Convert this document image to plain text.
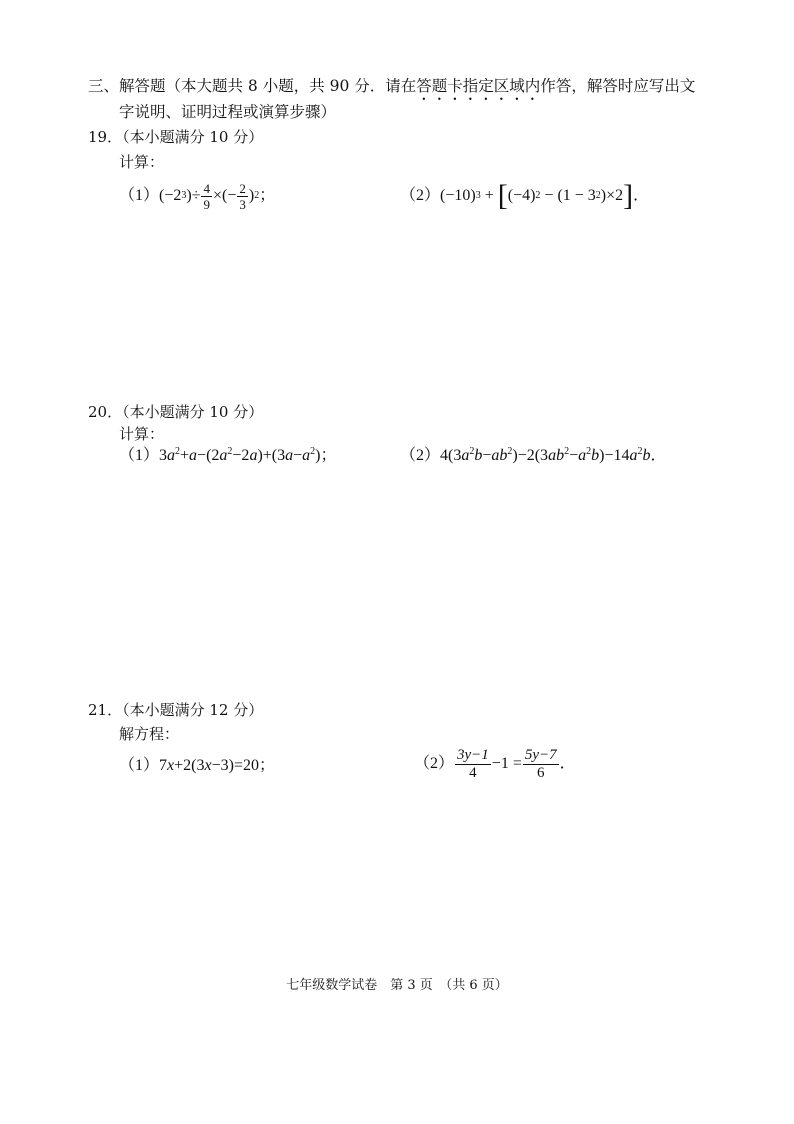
三、解答题（本大题共 8 小题，共 90 分．请在答题卡指定区域内作答，解答时应写出文
字说明、证明过程或演算步骤）
19．（本小题满分 10 分）
计算：
（1） (−2 3 )÷ $\frac{4}{9}$ ×(− $\frac{2}{3}$ ) 2 ；	（2） (−10) 3 + [ (−4) 2 − (1 − 3 2 )×2 ] ．
20．（本小题满分 10 分）
计算：
$(1)3a^2+a-(2a^2-2a)+(3a-a^2)$；	$(2)4(3a^2b-ab^2)-2(3ab^2-a^2b)-14a^2b$．
21．（本小题满分 12 分）
解方程：
（1）7x+2(3x−3)=20；	$(2) \frac{3y-1}{4} -1 = \frac{5y-7}{6}$ ．
七年级数学试卷　第 3 页　（共 6 页）
